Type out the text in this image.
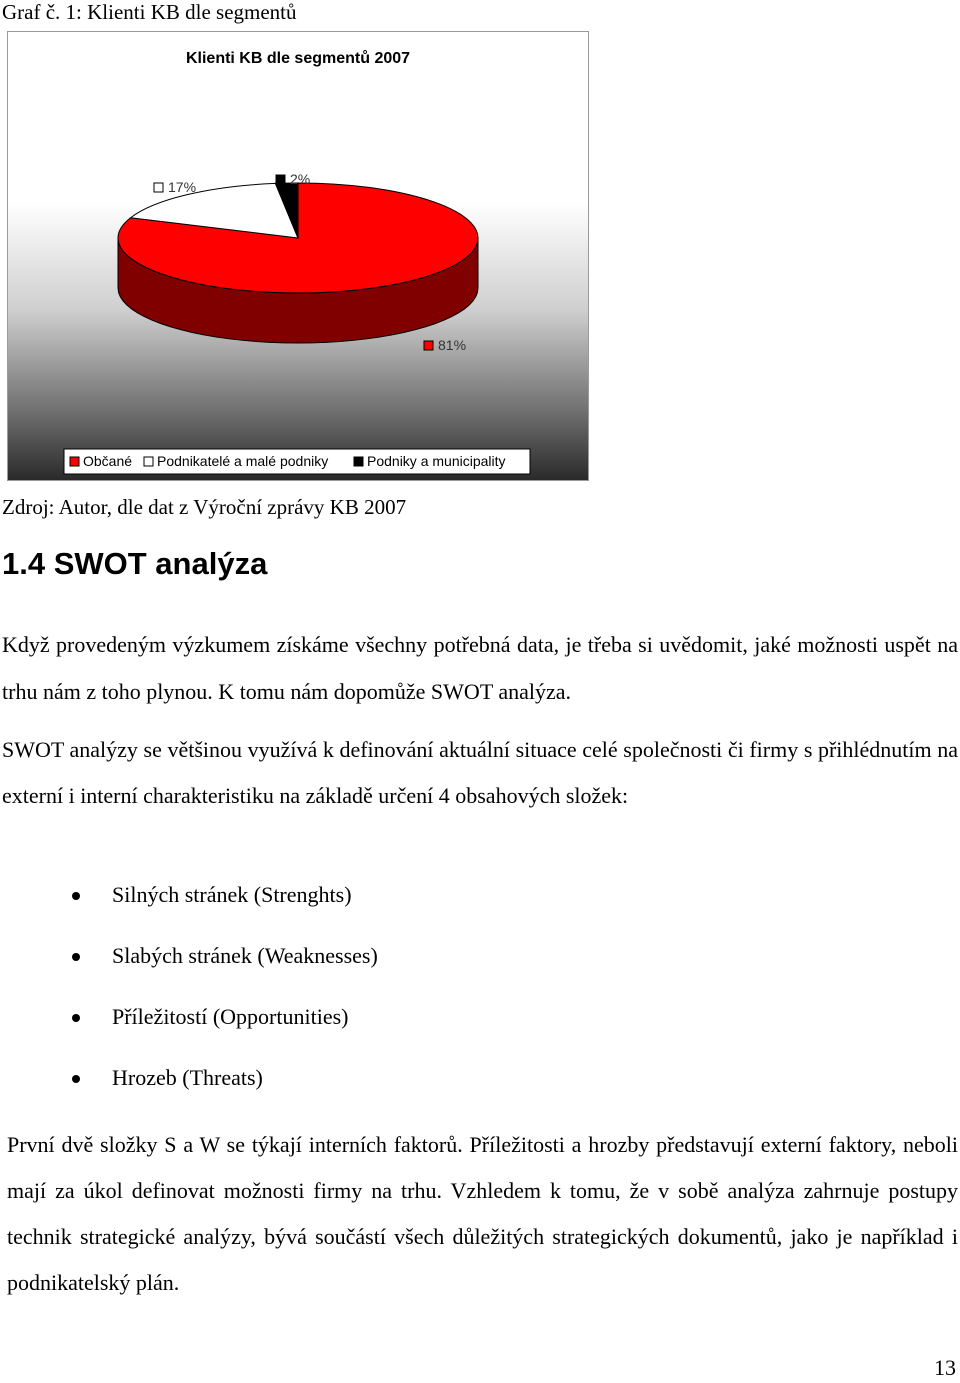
Graf č. 1: Klienti KB dle segmentů
Klienti KB dle segmentů 2007
81%
17%	2%
Občané Podnikatelé a malé podniky	Podniky a municipality
Zdroj: Autor, dle dat z Výroční zprávy KB 2007
1.4 SWOT analýza

Když provedeným výzkumem získáme všechny potřebná data, je třeba si uvědomit, jaké možnosti uspět na trhu nám z toho plynou. K tomu nám dopomůže SWOT analýza.

SWOT analýzy se většinou využívá k definování aktuální situace celé společnosti či firmy s přihlédnutím na externí i interní charakteristiku na základě určení 4 obsahových složek:

Silných stránek (Strenghts)
Slabých stránek (Weaknesses)
Příležitostí (Opportunities)
Hrozeb (Threats)

První dvě složky S a W se týkají interních faktorů. Příležitosti a hrozby představují externí faktory, neboli mají za úkol definovat možnosti firmy na trhu. Vzhledem k tomu, že v sobě analýza zahrnuje postupy technik strategické analýzy, bývá součástí všech důležitých strategických dokumentů, jako je například i podnikatelský plán.

13
